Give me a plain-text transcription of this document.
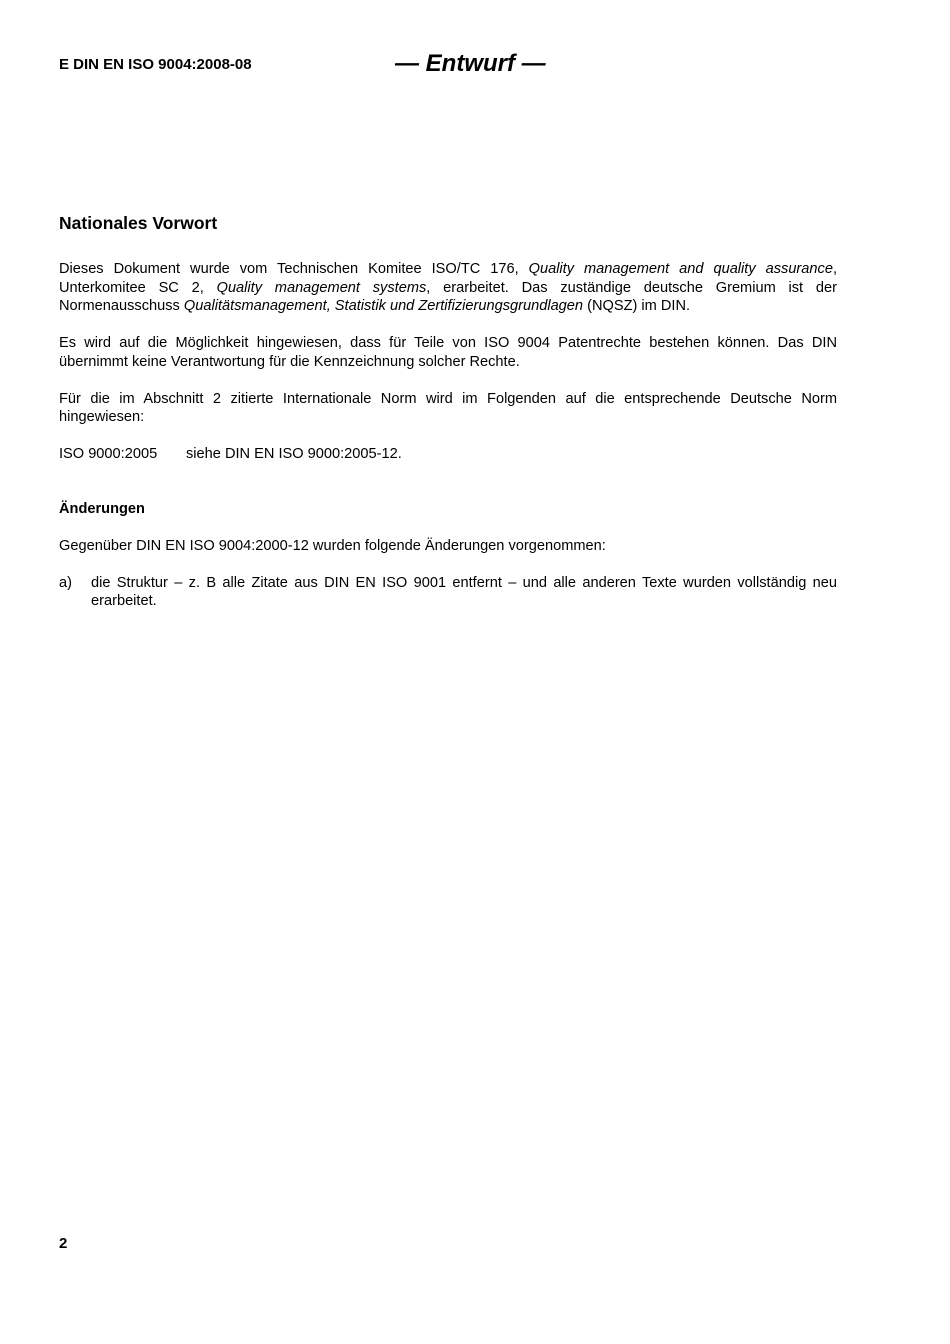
E DIN EN ISO 9004:2008-08	— Entwurf —
Nationales Vorwort

Dieses Dokument wurde vom Technischen Komitee ISO/TC 176, Quality management and quality assurance, Unterkomitee SC 2, Quality management systems, erarbeitet. Das zuständige deutsche Gremium ist der Normenausschuss Qualitätsmanagement, Statistik und Zertifizierungsgrundlagen (NQSZ) im DIN.

Es wird auf die Möglichkeit hingewiesen, dass für Teile von ISO 9004 Patentrechte bestehen können. Das DIN übernimmt keine Verantwortung für die Kennzeichnung solcher Rechte.

Für die im Abschnitt 2 zitierte Internationale Norm wird im Folgenden auf die entsprechende Deutsche Norm hingewiesen:

ISO 9000:2005 siehe DIN EN ISO 9000:2005-12.

Änderungen

Gegenüber DIN EN ISO 9004:2000-12 wurden folgende Änderungen vorgenommen:

a)	die Struktur – z. B alle Zitate aus DIN EN ISO 9001 entfernt – und alle anderen Texte wurden vollständig neu erarbeitet.
2
